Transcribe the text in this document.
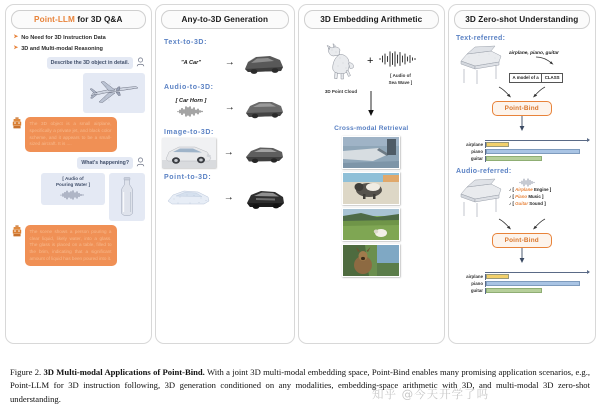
Point-LLM for 3D Q&A
➤ No Need for 3D Instruction Data
➤ 3D and Multi-modal Reasoning
Describe the 3D object in detail.
The 3D object is a small airplane, specifically a private jet, and black color scheme, and it appears to be a small-sized aircraft. It is ....
What's happening?
[ Audio of
Pouring Water ]
The scene shows a person pouring a clear liquid, likely water, into a glass. The glass is placed on a table, filled to the brim, indicating that a significant amount of liquid has been poured into it.
Any-to-3D Generation
Text-to-3D:
"A Car"	→
Audio-to-3D:
[ Car Horn ]
→
Image-to-3D:
→
Point-to-3D:
→
3D Embedding Arithmetic
3D Point Cloud
+
[ Audio of
Sea Wave ]
Cross-modal Retrieval
3D Zero-shot Understanding
Text-referred:
airplane, piano, guitar
A model of a	CLASS
Point-Bind
airplane
piano
guitar
Audio-referred:
♪ [ Airplane Engine ]
♪ [ Piano Music ]
♪ [ Guitar Sound ]
Point-Bind
airplane
piano
guitar
Figure 2. 3D Multi-modal Applications of Point-Bind. With a joint 3D multi-modal embedding space, Point-Bind enables many promising application scenarios, e.g., Point-LLM for 3D instruction following, 3D generation conditioned on any modalities, embedding-space arithmetic with 3D, and multi-modal 3D zero-shot understanding.	知乎 @今天开学了吗
